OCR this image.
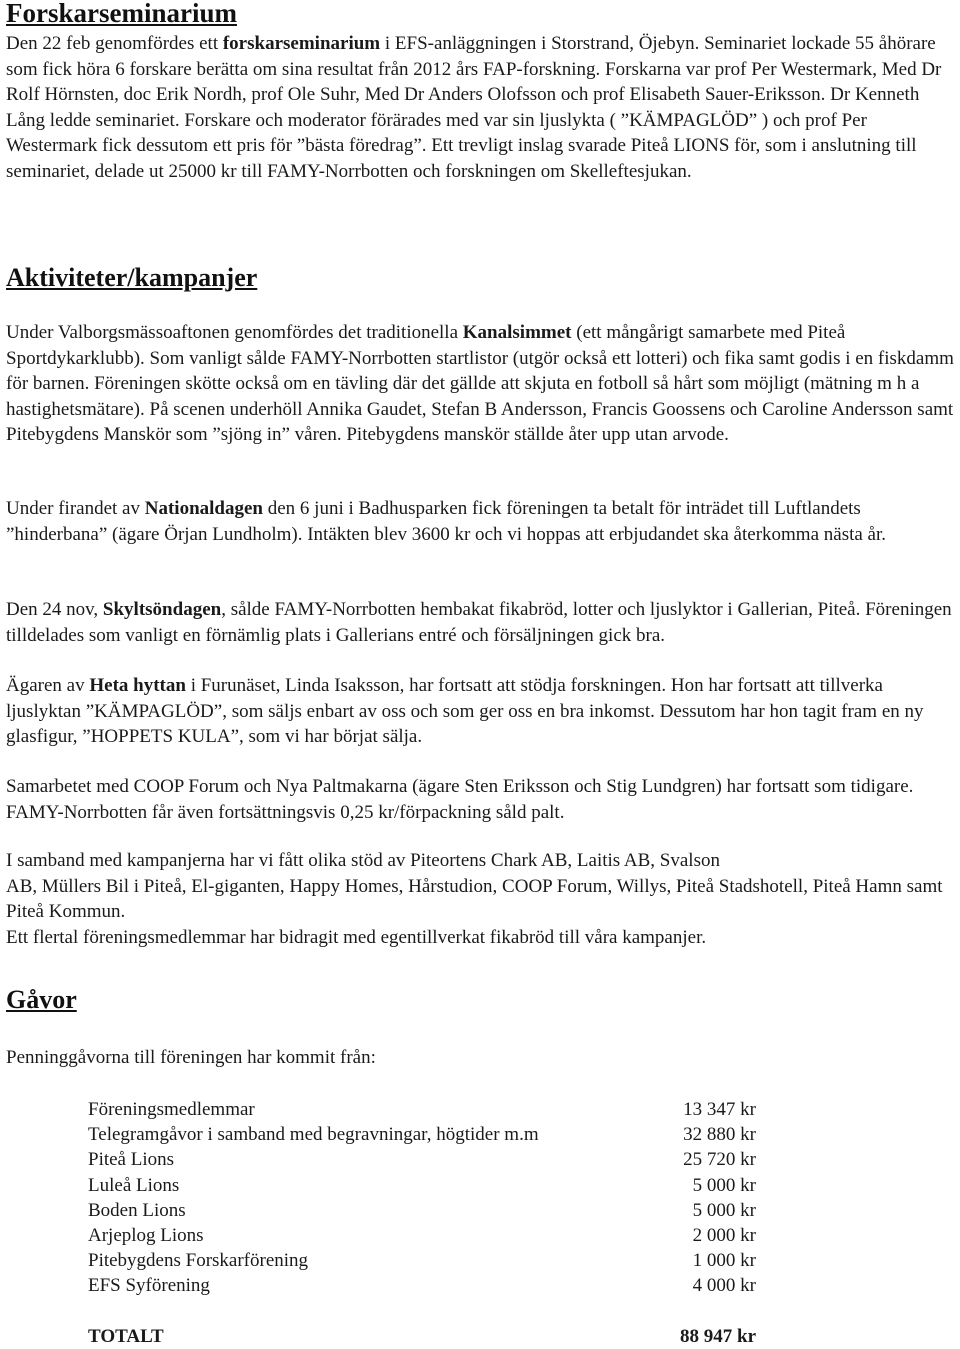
Forskarseminarium

Den 22 feb genomfördes ett forskarseminarium i EFS-anläggningen i Storstrand, Öjebyn. Seminariet lockade 55 åhörare som fick höra 6 forskare berätta om sina resultat från 2012 års FAP-forskning. Forskarna var prof Per Westermark, Med Dr Rolf Hörnsten, doc Erik Nordh, prof Ole Suhr, Med Dr Anders Olofsson och prof Elisabeth Sauer-Eriksson. Dr Kenneth Lång ledde seminariet. Forskare och moderator förärades med var sin ljuslykta ( ”KÄMPAGLÖD” ) och prof Per Westermark fick dessutom ett pris för ”bästa föredrag”. Ett trevligt inslag svarade Piteå LIONS för, som i anslutning till seminariet, delade ut 25000 kr till FAMY-Norrbotten och forskningen om Skelleftesjukan.

Aktiviteter/kampanjer

Under Valborgsmässoaftonen genomfördes det traditionella Kanalsimmet (ett mångårigt samarbete med Piteå Sportdykarklubb). Som vanligt sålde FAMY-Norrbotten startlistor (utgör också ett lotteri) och fika samt godis i en fiskdamm för barnen. Föreningen skötte också om en tävling där det gällde att skjuta en fotboll så hårt som möjligt (mätning m h a hastighetsmätare). På scenen underhöll Annika Gaudet, Stefan B Andersson, Francis Goossens och Caroline Andersson samt Pitebygdens Manskör som ”sjöng in” våren. Pitebygdens manskör ställde åter upp utan arvode.

Under firandet av Nationaldagen den 6 juni i Badhusparken fick föreningen ta betalt för inträdet till Luftlandets ”hinderbana” (ägare Örjan Lundholm). Intäkten blev 3600 kr och vi hoppas att erbjudandet ska återkomma nästa år.

Den 24 nov, Skyltsöndagen, sålde FAMY-Norrbotten hembakat fikabröd, lotter och ljuslyktor i Gallerian, Piteå. Föreningen tilldelades som vanligt en förnämlig plats i Gallerians entré och försäljningen gick bra.

Ägaren av Heta hyttan i Furunäset, Linda Isaksson, har fortsatt att stödja forskningen. Hon har fortsatt att tillverka ljuslyktan ”KÄMPAGLÖD”, som säljs enbart av oss och som ger oss en bra inkomst. Dessutom har hon tagit fram en ny glasfigur, ”HOPPETS KULA”, som vi har börjat sälja.

Samarbetet med COOP Forum och Nya Paltmakarna (ägare Sten Eriksson och Stig Lundgren) har fortsatt som tidigare. FAMY-Norrbotten får även fortsättningsvis 0,25 kr/förpackning såld palt.

I samband med kampanjerna har vi fått olika stöd av Piteortens Chark AB, Laitis AB, Svalson
AB, Müllers Bil i Piteå, El-giganten, Happy Homes, Hårstudion, COOP Forum, Willys, Piteå Stadshotell, Piteå Hamn samt Piteå Kommun.
Ett flertal föreningsmedlemmar har bidragit med egentillverkat fikabröd till våra kampanjer.

Gåvor

Penninggåvorna till föreningen har kommit från:

Föreningsmedlemmar	13 347 kr
Telegramgåvor i samband med begravningar, högtider m.m	32 880 kr
Piteå Lions	25 720 kr
Luleå Lions	5 000 kr
Boden Lions	5 000 kr
Arjeplog Lions	2 000 kr
Pitebygdens Forskarförening	1 000 kr
EFS Syförening	4 000 kr
TOTALT	88 947 kr
